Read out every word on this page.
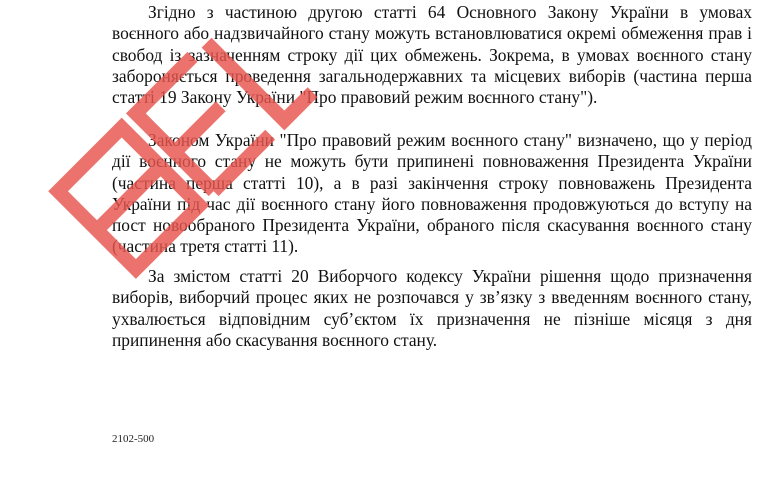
Згідно з частиною другою статті 64 Основного Закону України в умовах воєнного або надзвичайного стану можуть встановлюватися окремі обмеження прав і свобод із зазначенням строку дії цих обмежень. Зокрема, в умовах воєнного стану забороняється проведення загальнодержавних та місцевих виборів (частина перша статті 19 Закону України "Про правовий режим воєнного стану").

Законом України "Про правовий режим воєнного стану" визначено, що у період дії воєнного стану не можуть бути припинені повноваження Президента України (частина перша статті 10), а в разі закінчення строку повноважень Президента України під час дії воєнного стану його повноваження продовжуються до вступу на пост новообраного Президента України, обраного після скасування воєнного стану (частина третя статті 11).

За змістом статті 20 Виборчого кодексу України рішення щодо призначення виборів, виборчий процес яких не розпочався у зв’язку з введенням воєнного стану, ухвалюється відповідним суб’єктом їх призначення не пізніше місяця з дня припинення або скасування воєнного стану.

2102-500
